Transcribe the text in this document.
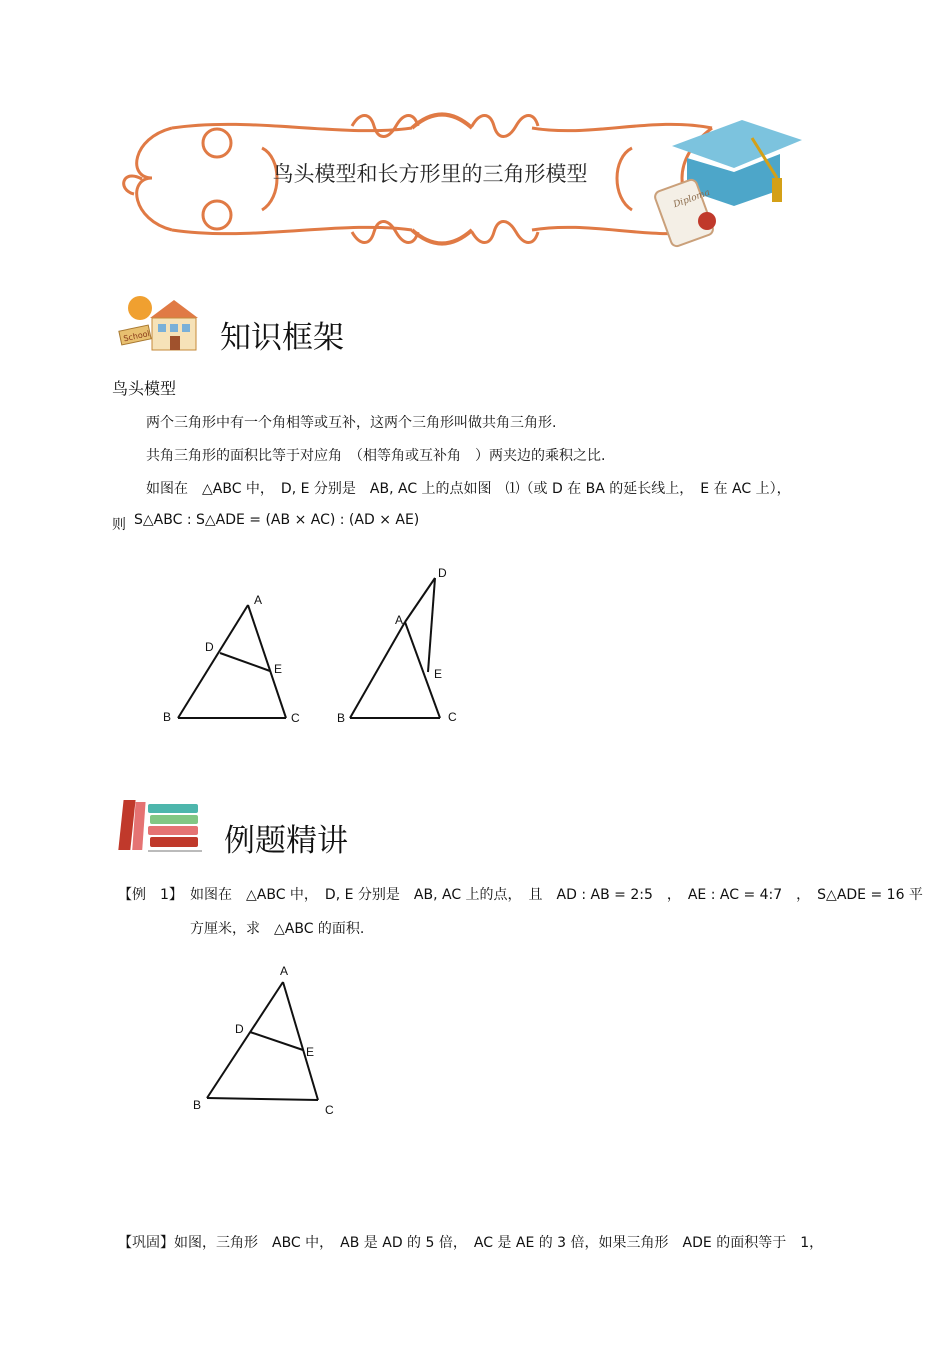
Diploma
鸟头模型和长方形里的三角形模型
School 知识框架
鸟头模型
两个三角形中有一个角相等或互补，这两个三角形叫做共角三角形.
共角三角形的面积比等于对应角　（相等角或互补角　）两夹边的乘积之比.
如图在　△ABC 中，　D, E 分别是　AB, AC 上的点如图　⑴（或 D 在 BA 的延长线上，　E 在 AC 上），
则 S△ABC : S△ADE = (AB × AC) : (AD × AE)
A
B	C
D
E
A
B	C
D
E
例题精讲
【例　1】 如图在　△ABC 中，　D, E 分别是　AB, AC 上的点，　且　AD : AB = 2:5　，　AE : AC = 4:7　，　S△ADE = 16 平
方厘米，求　△ABC 的面积.
A
B	C
D
E
【巩固】如图，三角形　ABC 中，　AB 是 AD 的 5 倍，　AC 是 AE 的 3 倍，如果三角形　ADE 的面积等于　1，
